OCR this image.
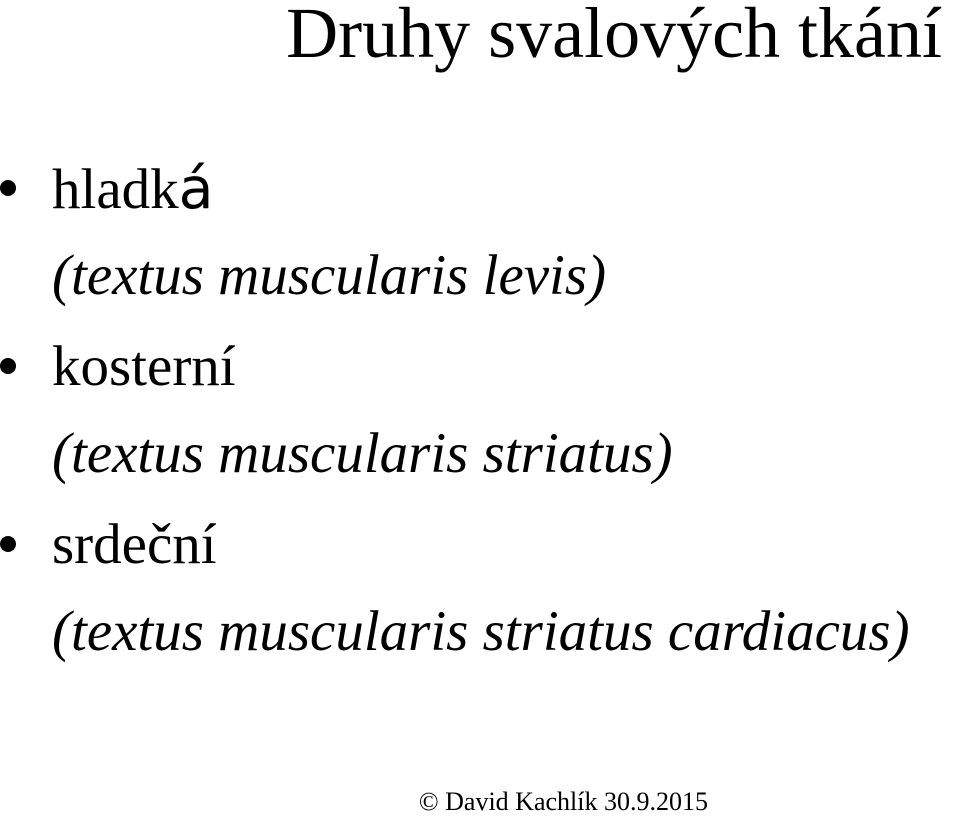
Druhy svalových tkání
hladká
(textus muscularis levis)
kosterní
(textus muscularis striatus)
srdeční
(textus muscularis striatus cardiacus)
© David Kachlík 30.9.2015
